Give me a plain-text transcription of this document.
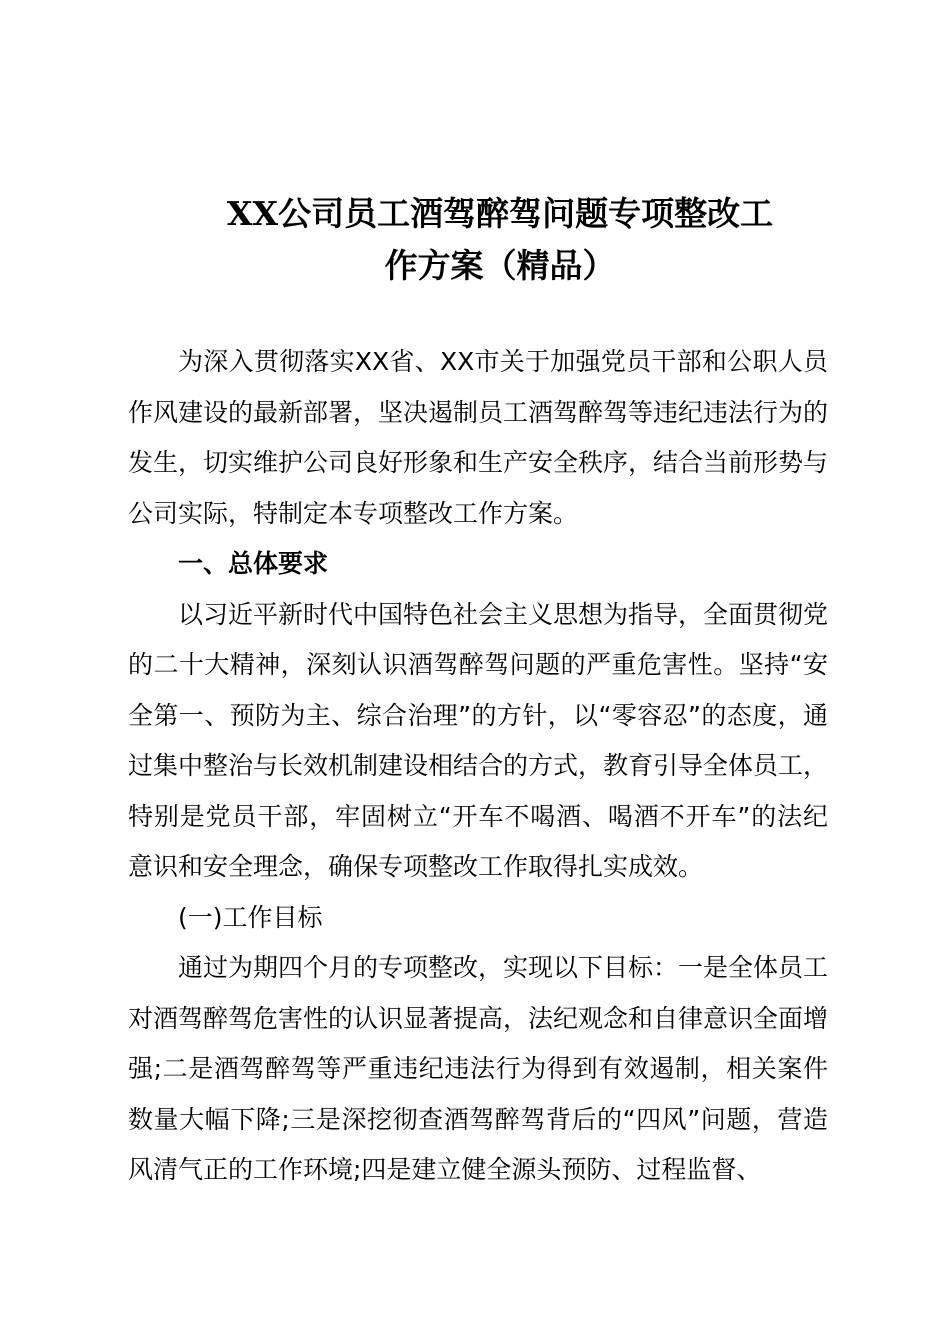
XX公司员工酒驾醉驾问题专项整改工
作方案（精品）

为深入贯彻落实XX省、XX市关于加强党员干部和公职人员作风建设的最新部署，坚决遏制员工酒驾醉驾等违纪违法行为的发生，切实维护公司良好形象和生产安全秩序，结合当前形势与公司实际，特制定本专项整改工作方案。

一、总体要求

以习近平新时代中国特色社会主义思想为指导，全面贯彻党的二十大精神，深刻认识酒驾醉驾问题的严重危害性。坚持“安全第一、预防为主、综合治理”的方针，以“零容忍”的态度，通过集中整治与长效机制建设相结合的方式，教育引导全体员工，特别是党员干部，牢固树立“开车不喝酒、喝酒不开车”的法纪意识和安全理念，确保专项整改工作取得扎实成效。

(一)工作目标

通过为期四个月的专项整改，实现以下目标：一是全体员工对酒驾醉驾危害性的认识显著提高，法纪观念和自律意识全面增强;二是酒驾醉驾等严重违纪违法行为得到有效遏制，相关案件数量大幅下降;三是深挖彻查酒驾醉驾背后的“四风”问题，营造风清气正的工作环境;四是建立健全源头预防、过程监督、
